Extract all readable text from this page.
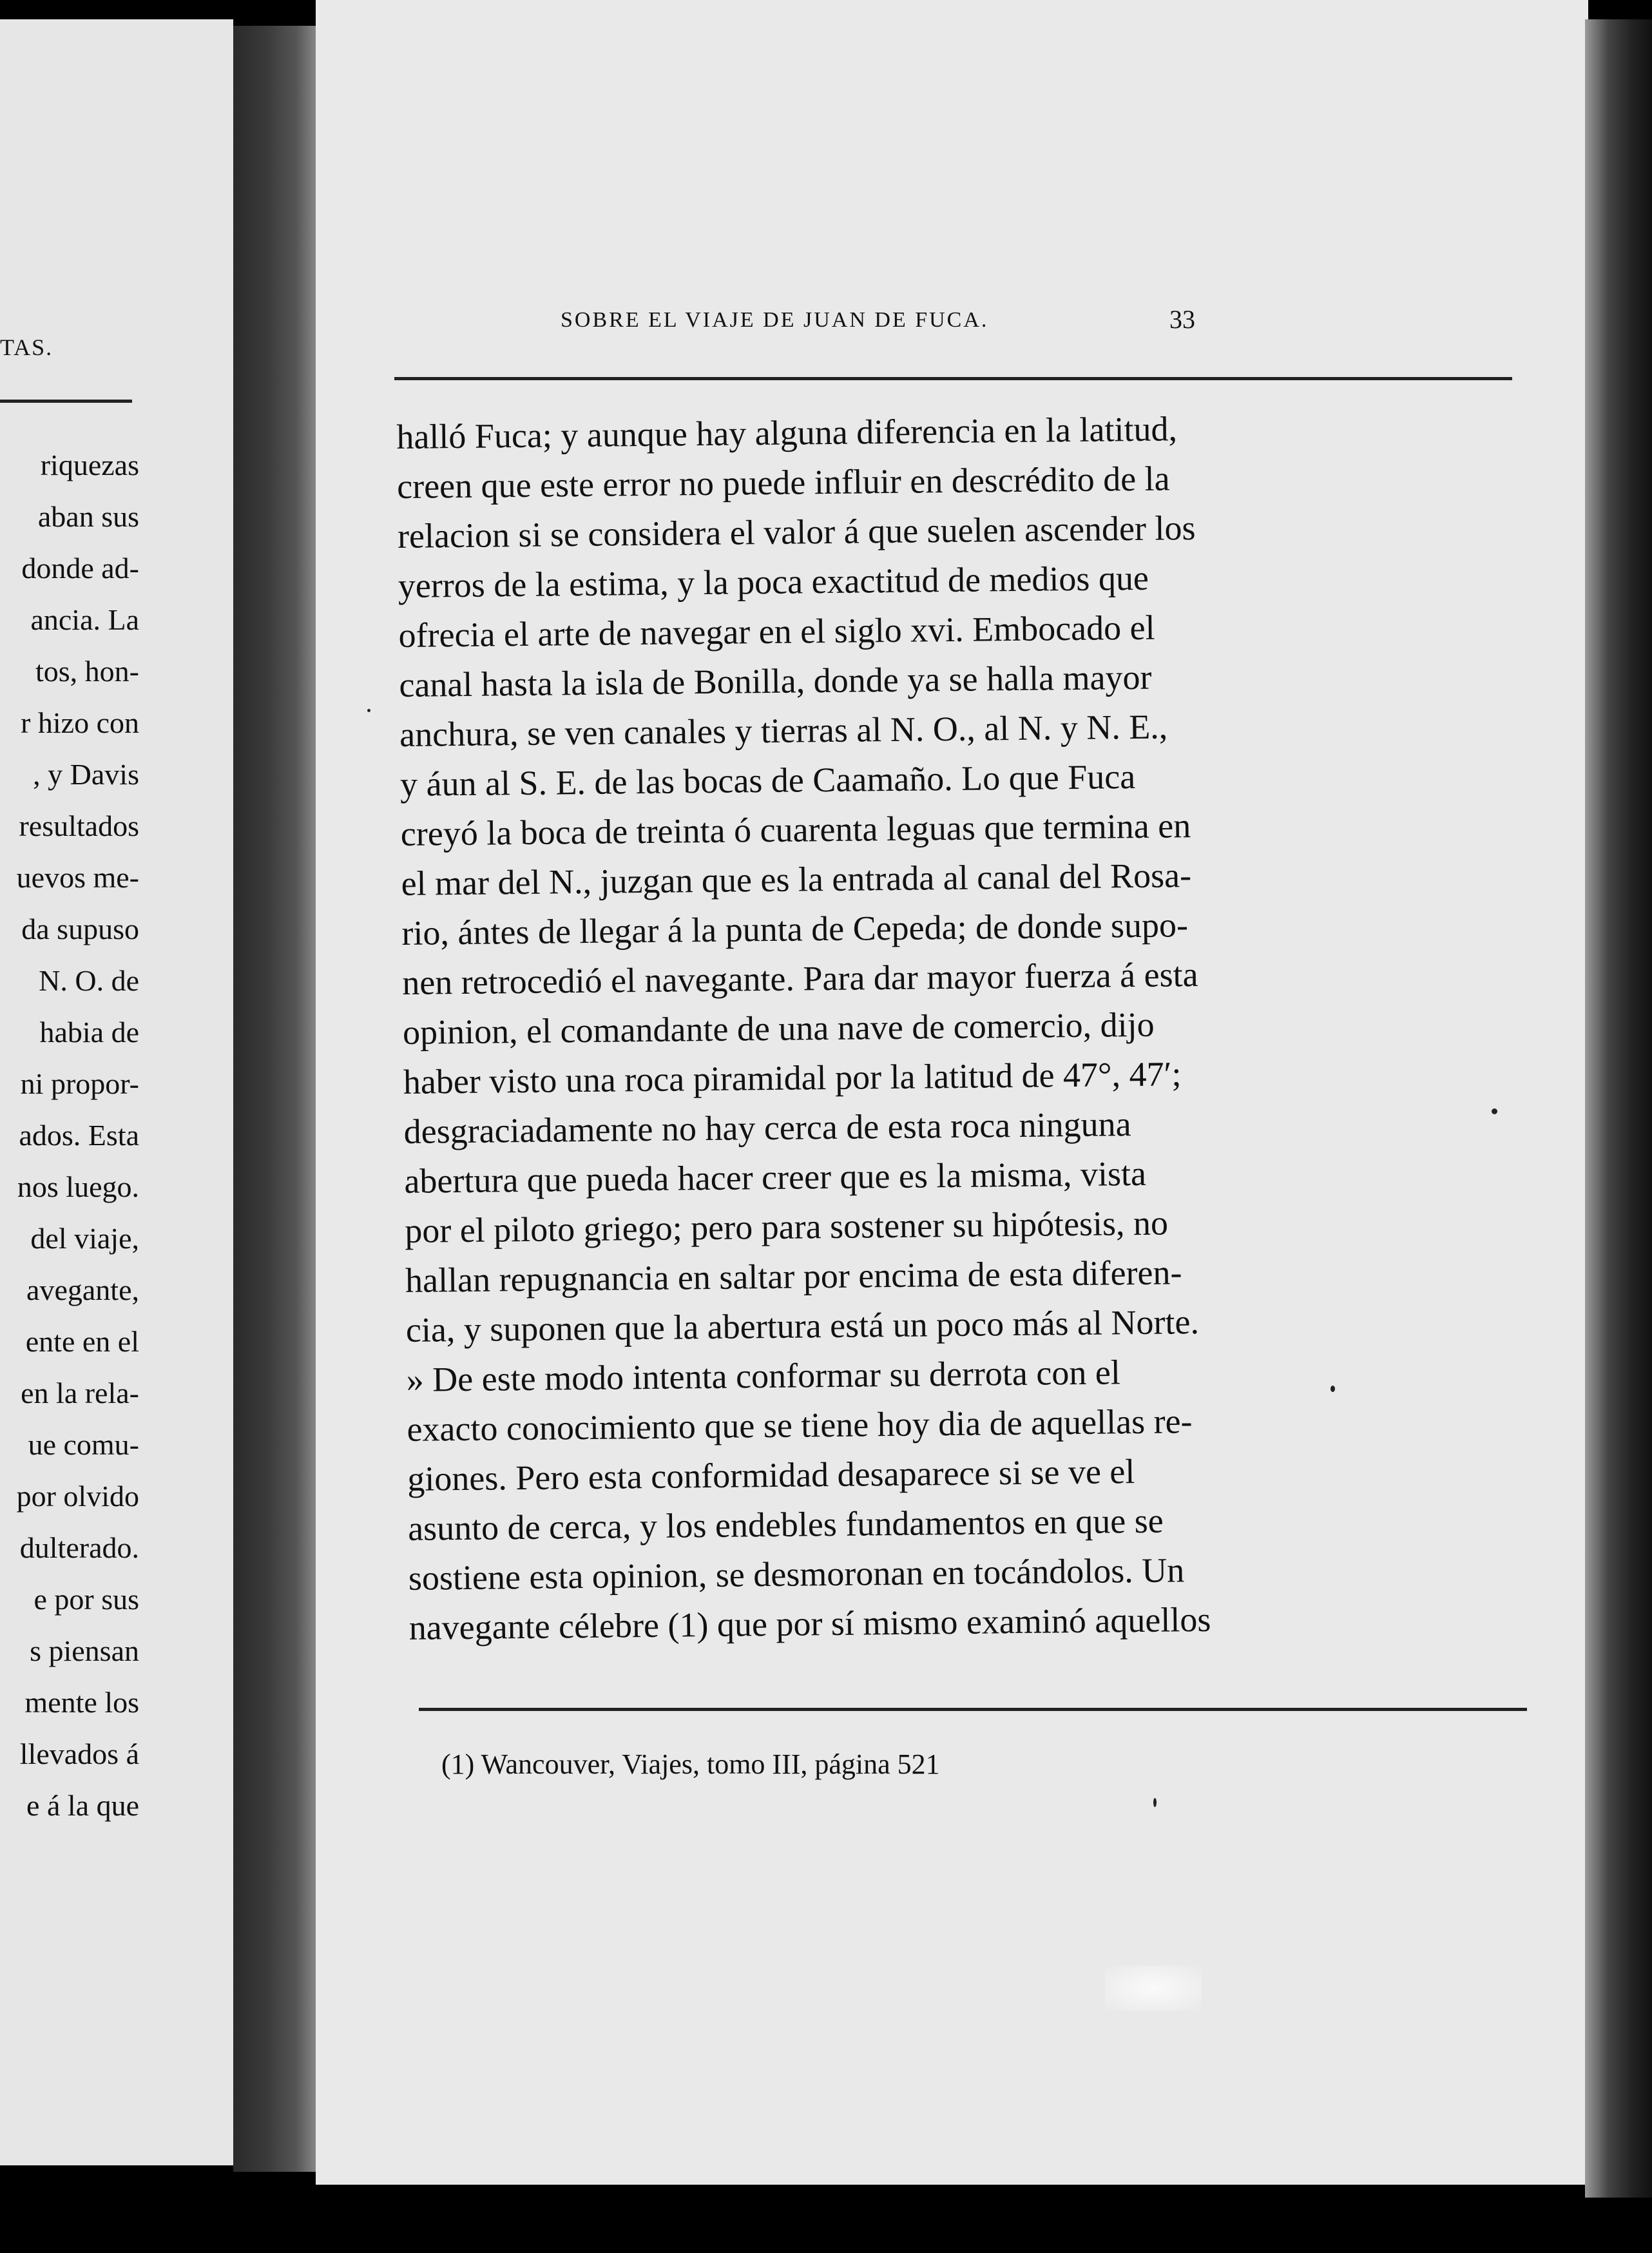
TAS.
riquezas
aban sus
donde ad-
ancia. La
tos, hon-
r hizo con
, y Davis
resultados
uevos me-
da supuso
N. O. de
habia de
ni propor-
ados. Esta
nos luego.
del viaje,
avegante,
ente en el
en la rela-
ue comu-
por olvido
dulterado.
e por sus
s piensan
mente los
llevados á
e á la que
SOBRE EL VIAJE DE JUAN DE FUCA.	33
halló Fuca; y aunque hay alguna diferencia en la latitud,
creen que este error no puede influir en descrédito de la
relacion si se considera el valor á que suelen ascender los
yerros de la estima, y la poca exactitud de medios que
ofrecia el arte de navegar en el siglo xvi. Embocado el
canal hasta la isla de Bonilla, donde ya se halla mayor
anchura, se ven canales y tierras al N. O., al N. y N. E.,
y áun al S. E. de las bocas de Caamaño. Lo que Fuca
creyó la boca de treinta ó cuarenta leguas que termina en
el mar del N., juzgan que es la entrada al canal del Rosa-
rio, ántes de llegar á la punta de Cepeda; de donde supo-
nen retrocedió el navegante. Para dar mayor fuerza á esta
opinion, el comandante de una nave de comercio, dijo
haber visto una roca piramidal por la latitud de 47°, 47′;
desgraciadamente no hay cerca de esta roca ninguna
abertura que pueda hacer creer que es la misma, vista
por el piloto griego; pero para sostener su hipótesis, no
hallan repugnancia en saltar por encima de esta diferen-
cia, y suponen que la abertura está un poco más al Norte.
» De este modo intenta conformar su derrota con el
exacto conocimiento que se tiene hoy dia de aquellas re-
giones. Pero esta conformidad desaparece si se ve el
asunto de cerca, y los endebles fundamentos en que se
sostiene esta opinion, se desmoronan en tocándolos. Un
navegante célebre (1) que por sí mismo examinó aquellos
(1) Wancouver, Viajes, tomo III, página 521
